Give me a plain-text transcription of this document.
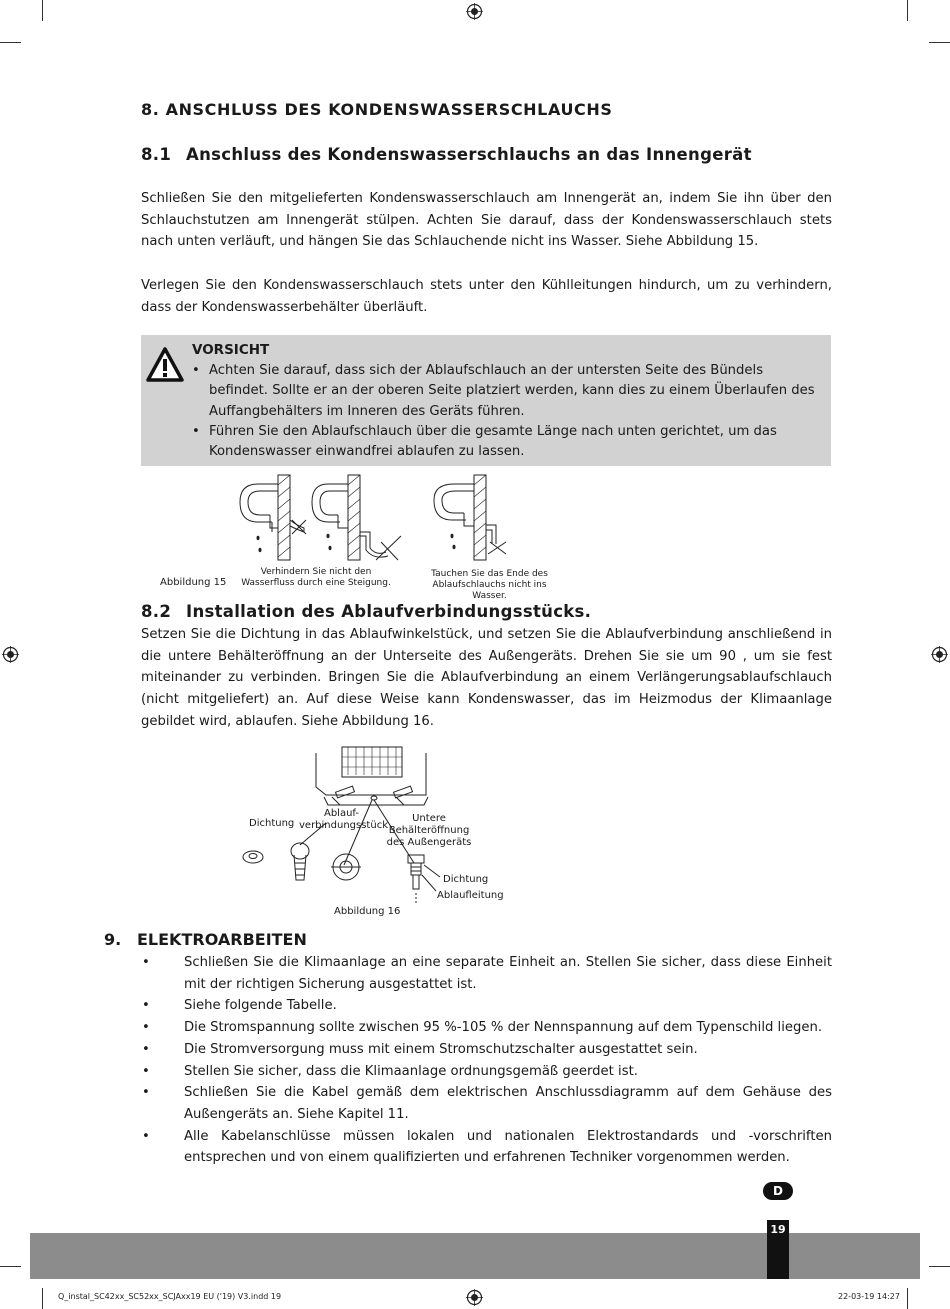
8. ANSCHLUSS DES KONDENSWASSERSCHLAUCHS
8.1 Anschluss des Kondenswasserschlauchs an das Innengerät

Schließen Sie den mitgelieferten Kondenswasserschlauch am Innengerät an, indem Sie ihn über den Schlauchstutzen am Innengerät stülpen. Achten Sie darauf, dass der Kondenswasserschlauch stets nach unten verläuft, und hängen Sie das Schlauchende nicht ins Wasser. Siehe Abbildung 15.

Verlegen Sie den Kondenswasserschlauch stets unter den Kühlleitungen hindurch, um zu verhindern, dass der Kondenswasserbehälter überläuft.

VORSICHT
• Achten Sie darauf, dass sich der Ablaufschlauch an der untersten Seite des Bündels befindet. Sollte er an der oberen Seite platziert werden, kann dies zu einem Überlaufen des Auffangbehälters im Inneren des Geräts führen.
• Führen Sie den Ablaufschlauch über die gesamte Länge nach unten gerichtet, um das Kondenswasser einwandfrei ablaufen zu lassen.
Abbildung 15
Verhindern Sie nicht den Wasserfluss durch eine Steigung.
Tauchen Sie das Ende des Ablaufschlauchs nicht ins Wasser.
8.2 Installation des Ablaufverbindungsstücks.

Setzen Sie die Dichtung in das Ablaufwinkelstück, und setzen Sie die Ablaufverbindung anschließend in die untere Behälteröffnung an der Unterseite des Außengeräts. Drehen Sie sie um 90 , um sie fest miteinander zu verbinden. Bringen Sie die Ablaufverbindung an einem Verlängerungsablaufschlauch (nicht mitgeliefert) an. Auf diese Weise kann Kondenswasser, das im Heizmodus der Klimaanlage gebildet wird, ablaufen. Siehe Abbildung 16.

Dichtung
Ablauf-
verbindungsstück
Untere
Behälteröffnung
des Außengeräts
Dichtung
Ablaufleitung
Abbildung 16
9. ELEKTROARBEITEN
• Schließen Sie die Klimaanlage an eine separate Einheit an. Stellen Sie sicher, dass diese Einheit mit der richtigen Sicherung ausgestattet ist.
• Siehe folgende Tabelle.
• Die Stromspannung sollte zwischen 95 %-105 % der Nennspannung auf dem Typenschild liegen.
• Die Stromversorgung muss mit einem Stromschutzschalter ausgestattet sein.
• Stellen Sie sicher, dass die Klimaanlage ordnungsgemäß geerdet ist.
• Schließen Sie die Kabel gemäß dem elektrischen Anschlussdiagramm auf dem Gehäuse des Außengeräts an. Siehe Kapitel 11.
• Alle Kabelanschlüsse müssen lokalen und nationalen Elektrostandards und -vorschriften entsprechen und von einem qualifizierten und erfahrenen Techniker vorgenommen werden.
D
19
Q_instal_SC42xx_SC52xx_SCJAxx19 EU ('19) V3.indd 19	22-03-19 14:27
